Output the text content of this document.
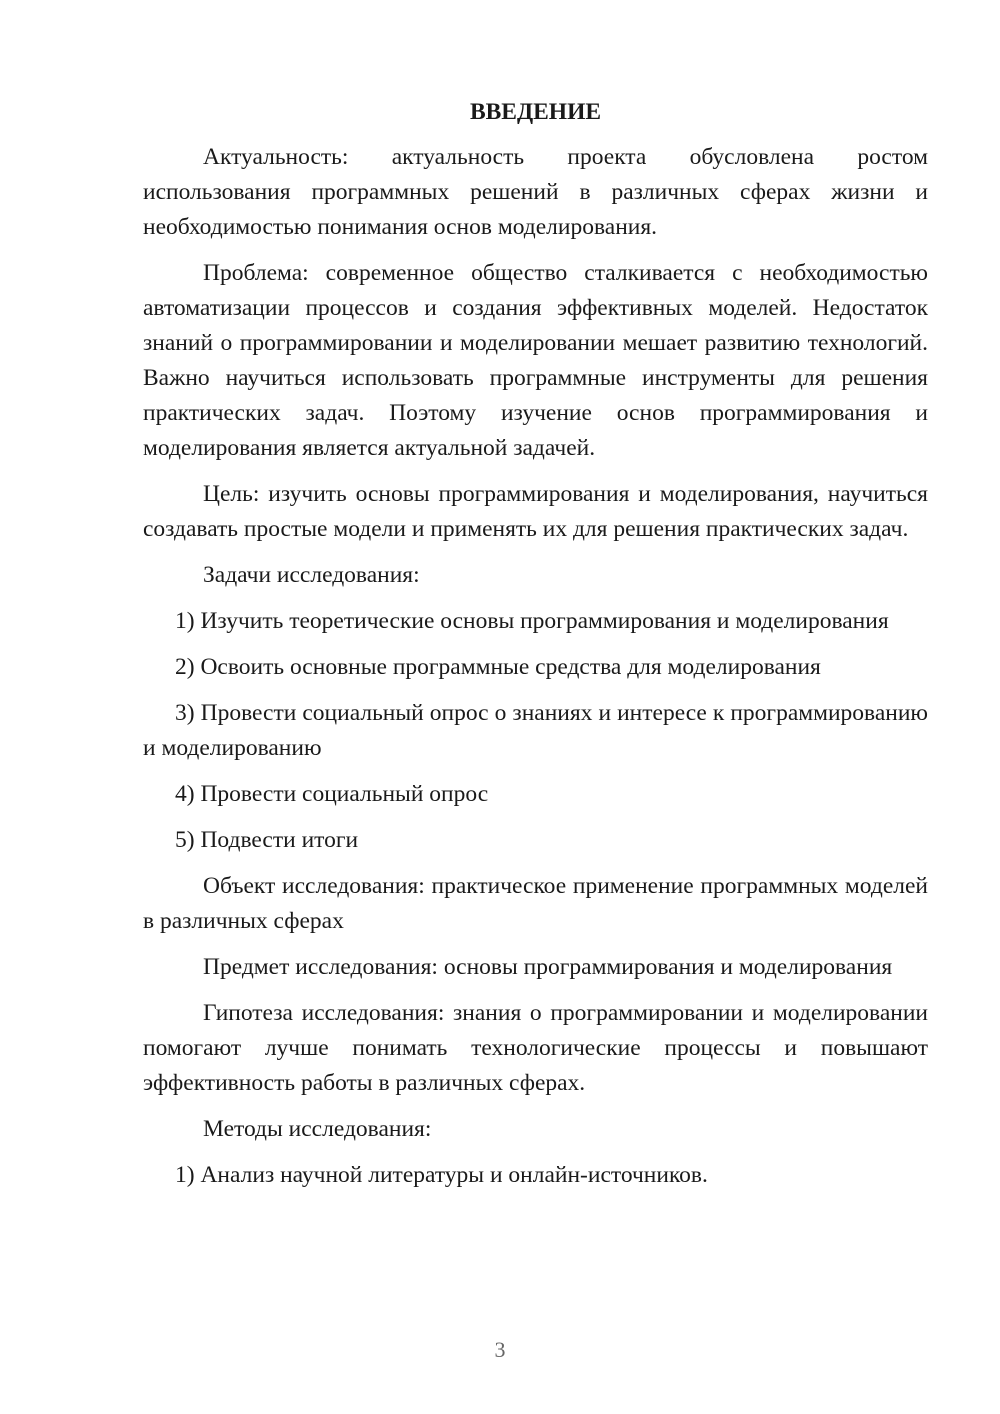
ВВЕДЕНИЕ
Актуальность: актуальность проекта обусловлена ростом использования программных решений в различных сферах жизни и необходимостью понимания основ моделирования.
Проблема: современное общество сталкивается с необходимостью автоматизации процессов и создания эффективных моделей. Недостаток знаний о программировании и моделировании мешает развитию технологий. Важно научиться использовать программные инструменты для решения практических задач. Поэтому изучение основ программирования и моделирования является актуальной задачей.
Цель: изучить основы программирования и моделирования, научиться создавать простые модели и применять их для решения практических задач.
Задачи исследования:
1) Изучить теоретические основы программирования и моделирования
2) Освоить основные программные средства для моделирования
3) Провести социальный опрос о знаниях и интересе к программированию и моделированию
4) Провести социальный опрос
5) Подвести итоги
Объект исследования: практическое применение программных моделей в различных сферах
Предмет исследования: основы программирования и моделирования
Гипотеза исследования: знания о программировании и моделировании помогают лучше понимать технологические процессы и повышают эффективность работы в различных сферах.
Методы исследования:
1) Анализ научной литературы и онлайн-источников.
3
